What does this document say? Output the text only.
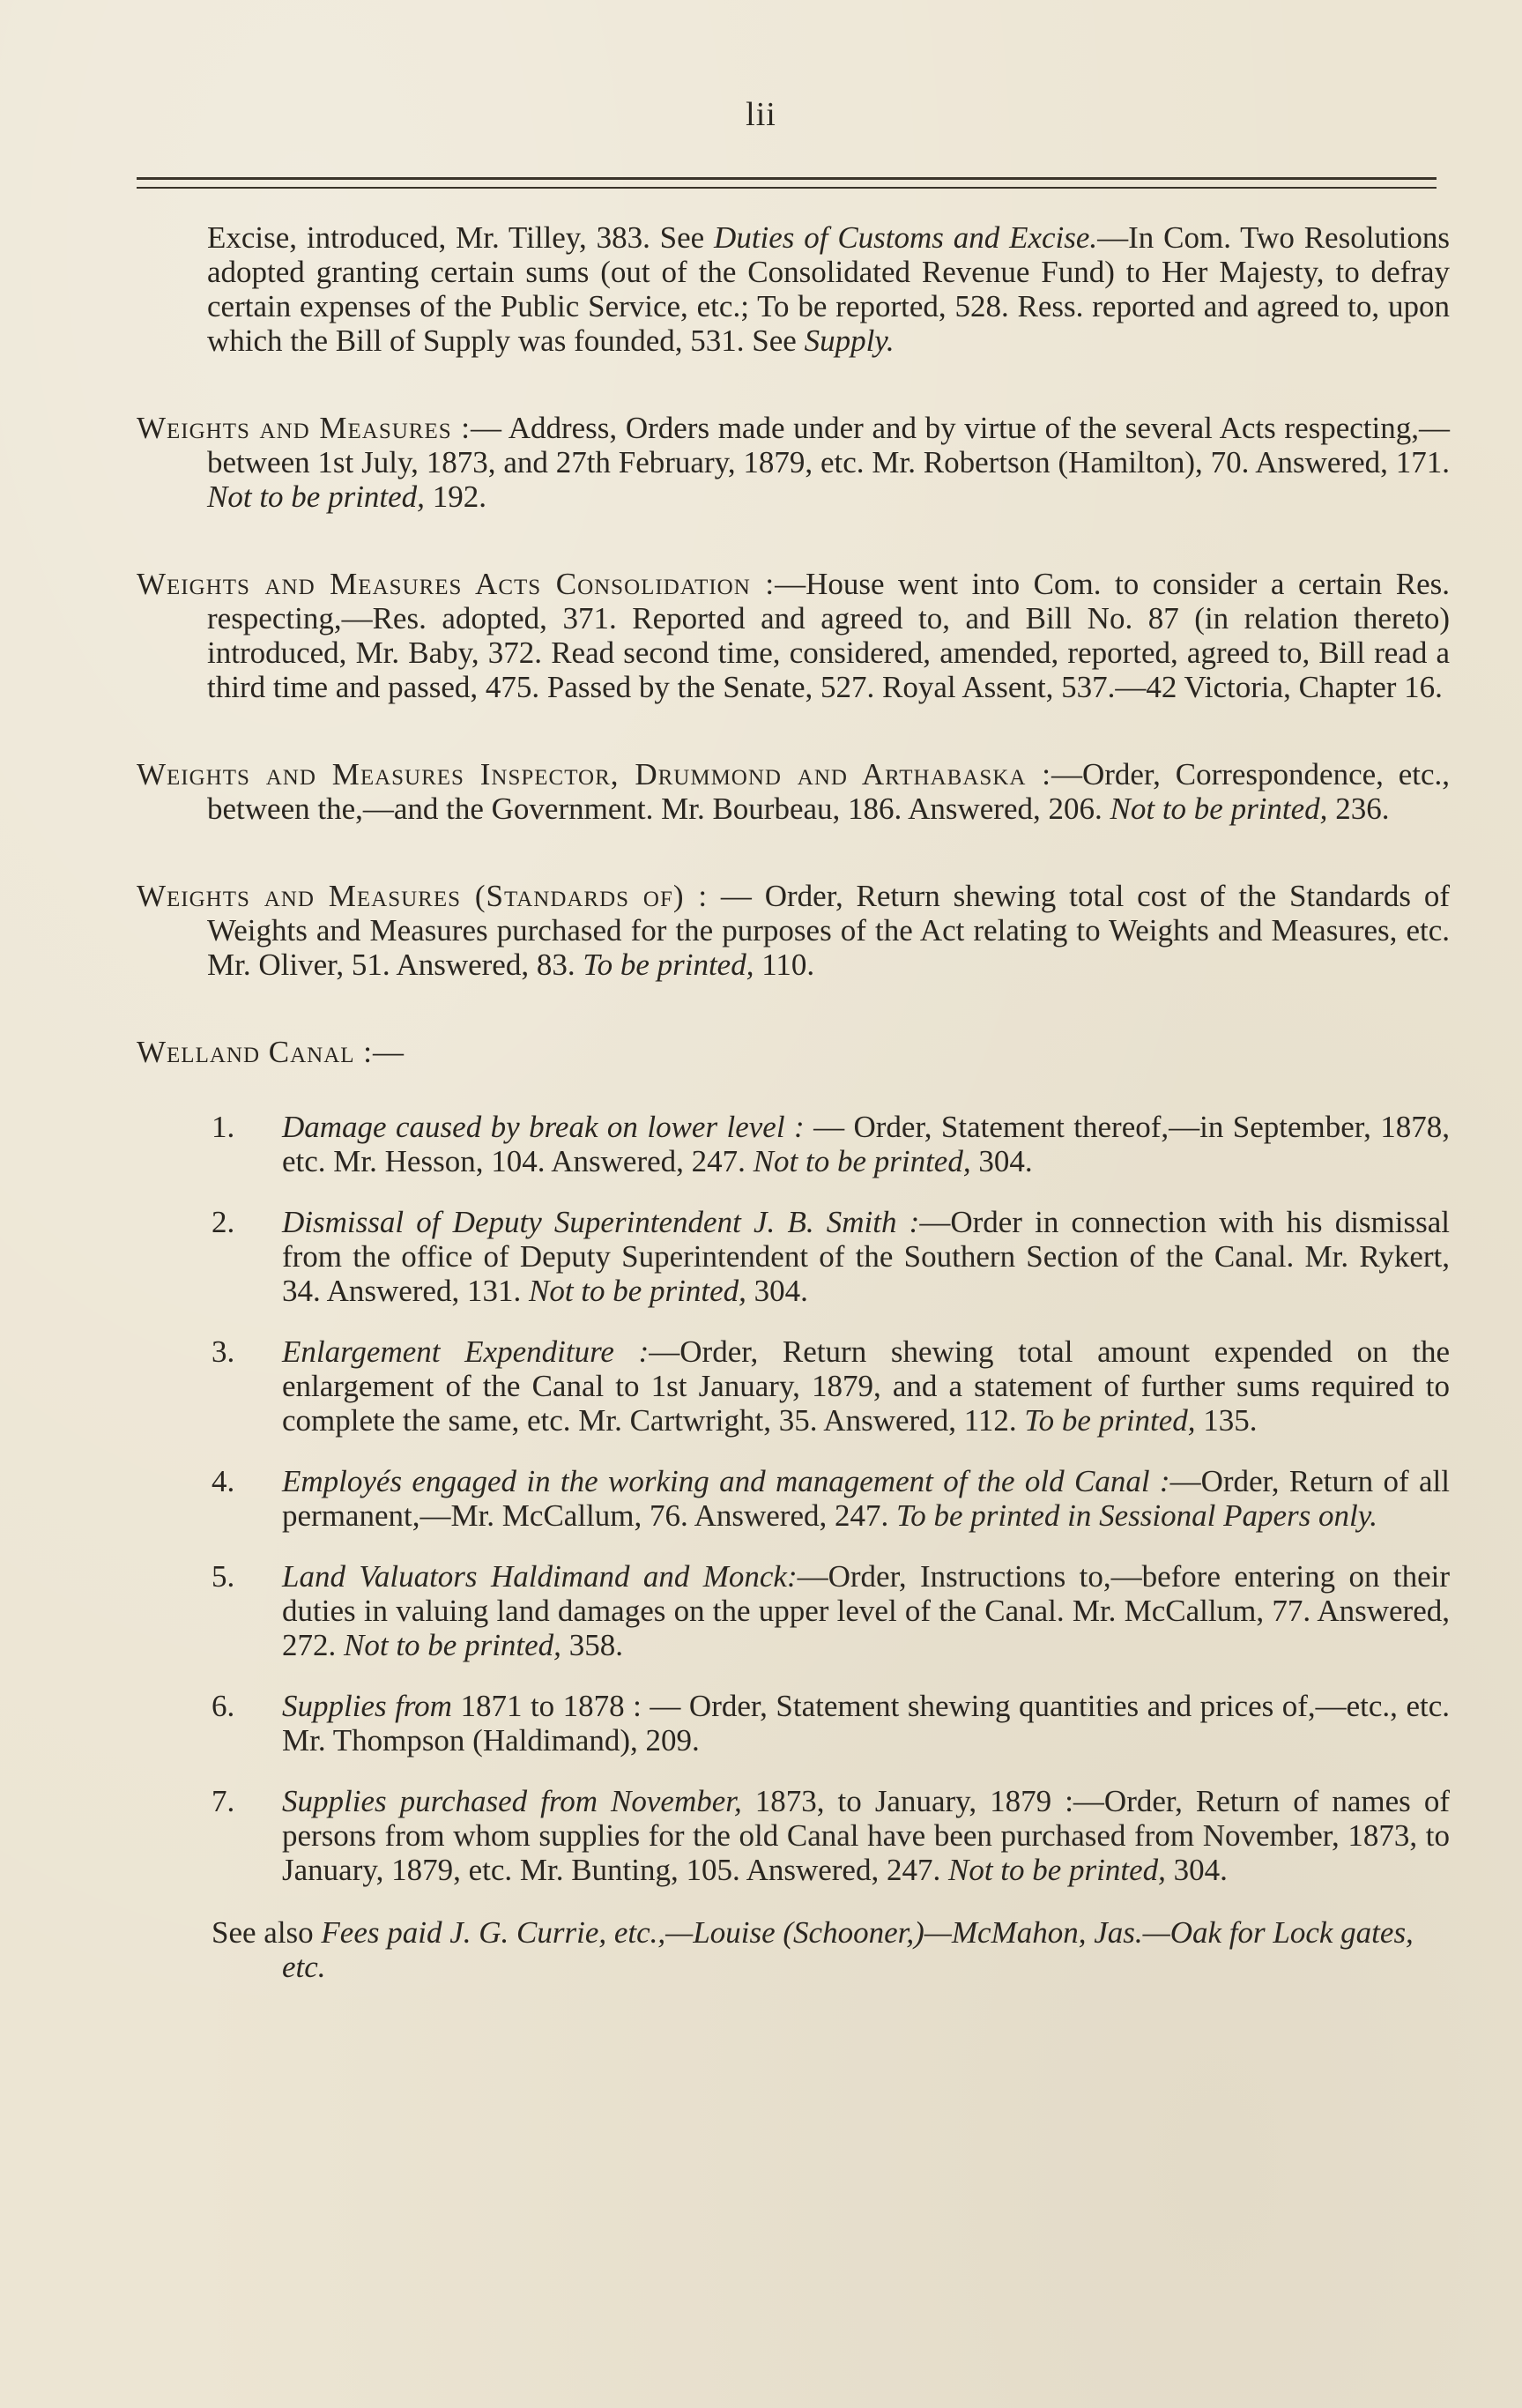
lii

Excise, introduced, Mr. Tilley, 383. See Duties of Customs and Excise.—In Com. Two Resolutions adopted granting certain sums (out of the Consolidated Revenue Fund) to Her Majesty, to defray certain expenses of the Public Service, etc.; To be reported, 528. Ress. reported and agreed to, upon which the Bill of Supply was founded, 531. See Supply.

Weights and Measures :— Address, Orders made under and by virtue of the several Acts respecting,—between 1st July, 1873, and 27th February, 1879, etc. Mr. Robertson (Hamilton), 70. Answered, 171. Not to be printed, 192.

Weights and Measures Acts Consolidation :—House went into Com. to consider a certain Res. respecting,—Res. adopted, 371. Reported and agreed to, and Bill No. 87 (in relation thereto) introduced, Mr. Baby, 372. Read second time, considered, amended, reported, agreed to, Bill read a third time and passed, 475. Passed by the Senate, 527. Royal Assent, 537.—42 Victoria, Chapter 16.

Weights and Measures Inspector, Drummond and Arthabaska :—Order, Correspondence, etc., between the,—and the Government. Mr. Bourbeau, 186. Answered, 206. Not to be printed, 236.

Weights and Measures (Standards of) : — Order, Return shewing total cost of the Standards of Weights and Measures purchased for the purposes of the Act relating to Weights and Measures, etc. Mr. Oliver, 51. Answered, 83. To be printed, 110.

Welland Canal :—

1. Damage caused by break on lower level : — Order, Statement thereof,—in September, 1878, etc. Mr. Hesson, 104. Answered, 247. Not to be printed, 304.

2. Dismissal of Deputy Superintendent J. B. Smith :—Order in connection with his dismissal from the office of Deputy Superintendent of the Southern Section of the Canal. Mr. Rykert, 34. Answered, 131. Not to be printed, 304.

3. Enlargement Expenditure :—Order, Return shewing total amount expended on the enlargement of the Canal to 1st January, 1879, and a statement of further sums required to complete the same, etc. Mr. Cartwright, 35. Answered, 112. To be printed, 135.

4. Employés engaged in the working and management of the old Canal :—Order, Return of all permanent,—Mr. McCallum, 76. Answered, 247. To be printed in Sessional Papers only.

5. Land Valuators Haldimand and Monck:—Order, Instructions to,—before entering on their duties in valuing land damages on the upper level of the Canal. Mr. McCallum, 77. Answered, 272. Not to be printed, 358.

6. Supplies from 1871 to 1878 : — Order, Statement shewing quantities and prices of,—etc., etc. Mr. Thompson (Haldimand), 209.

7. Supplies purchased from November, 1873, to January, 1879 :—Order, Return of names of persons from whom supplies for the old Canal have been purchased from November, 1873, to January, 1879, etc. Mr. Bunting, 105. Answered, 247. Not to be printed, 304.

See also Fees paid J. G. Currie, etc.,—Louise (Schooner,)—McMahon, Jas.—Oak for Lock gates, etc.
